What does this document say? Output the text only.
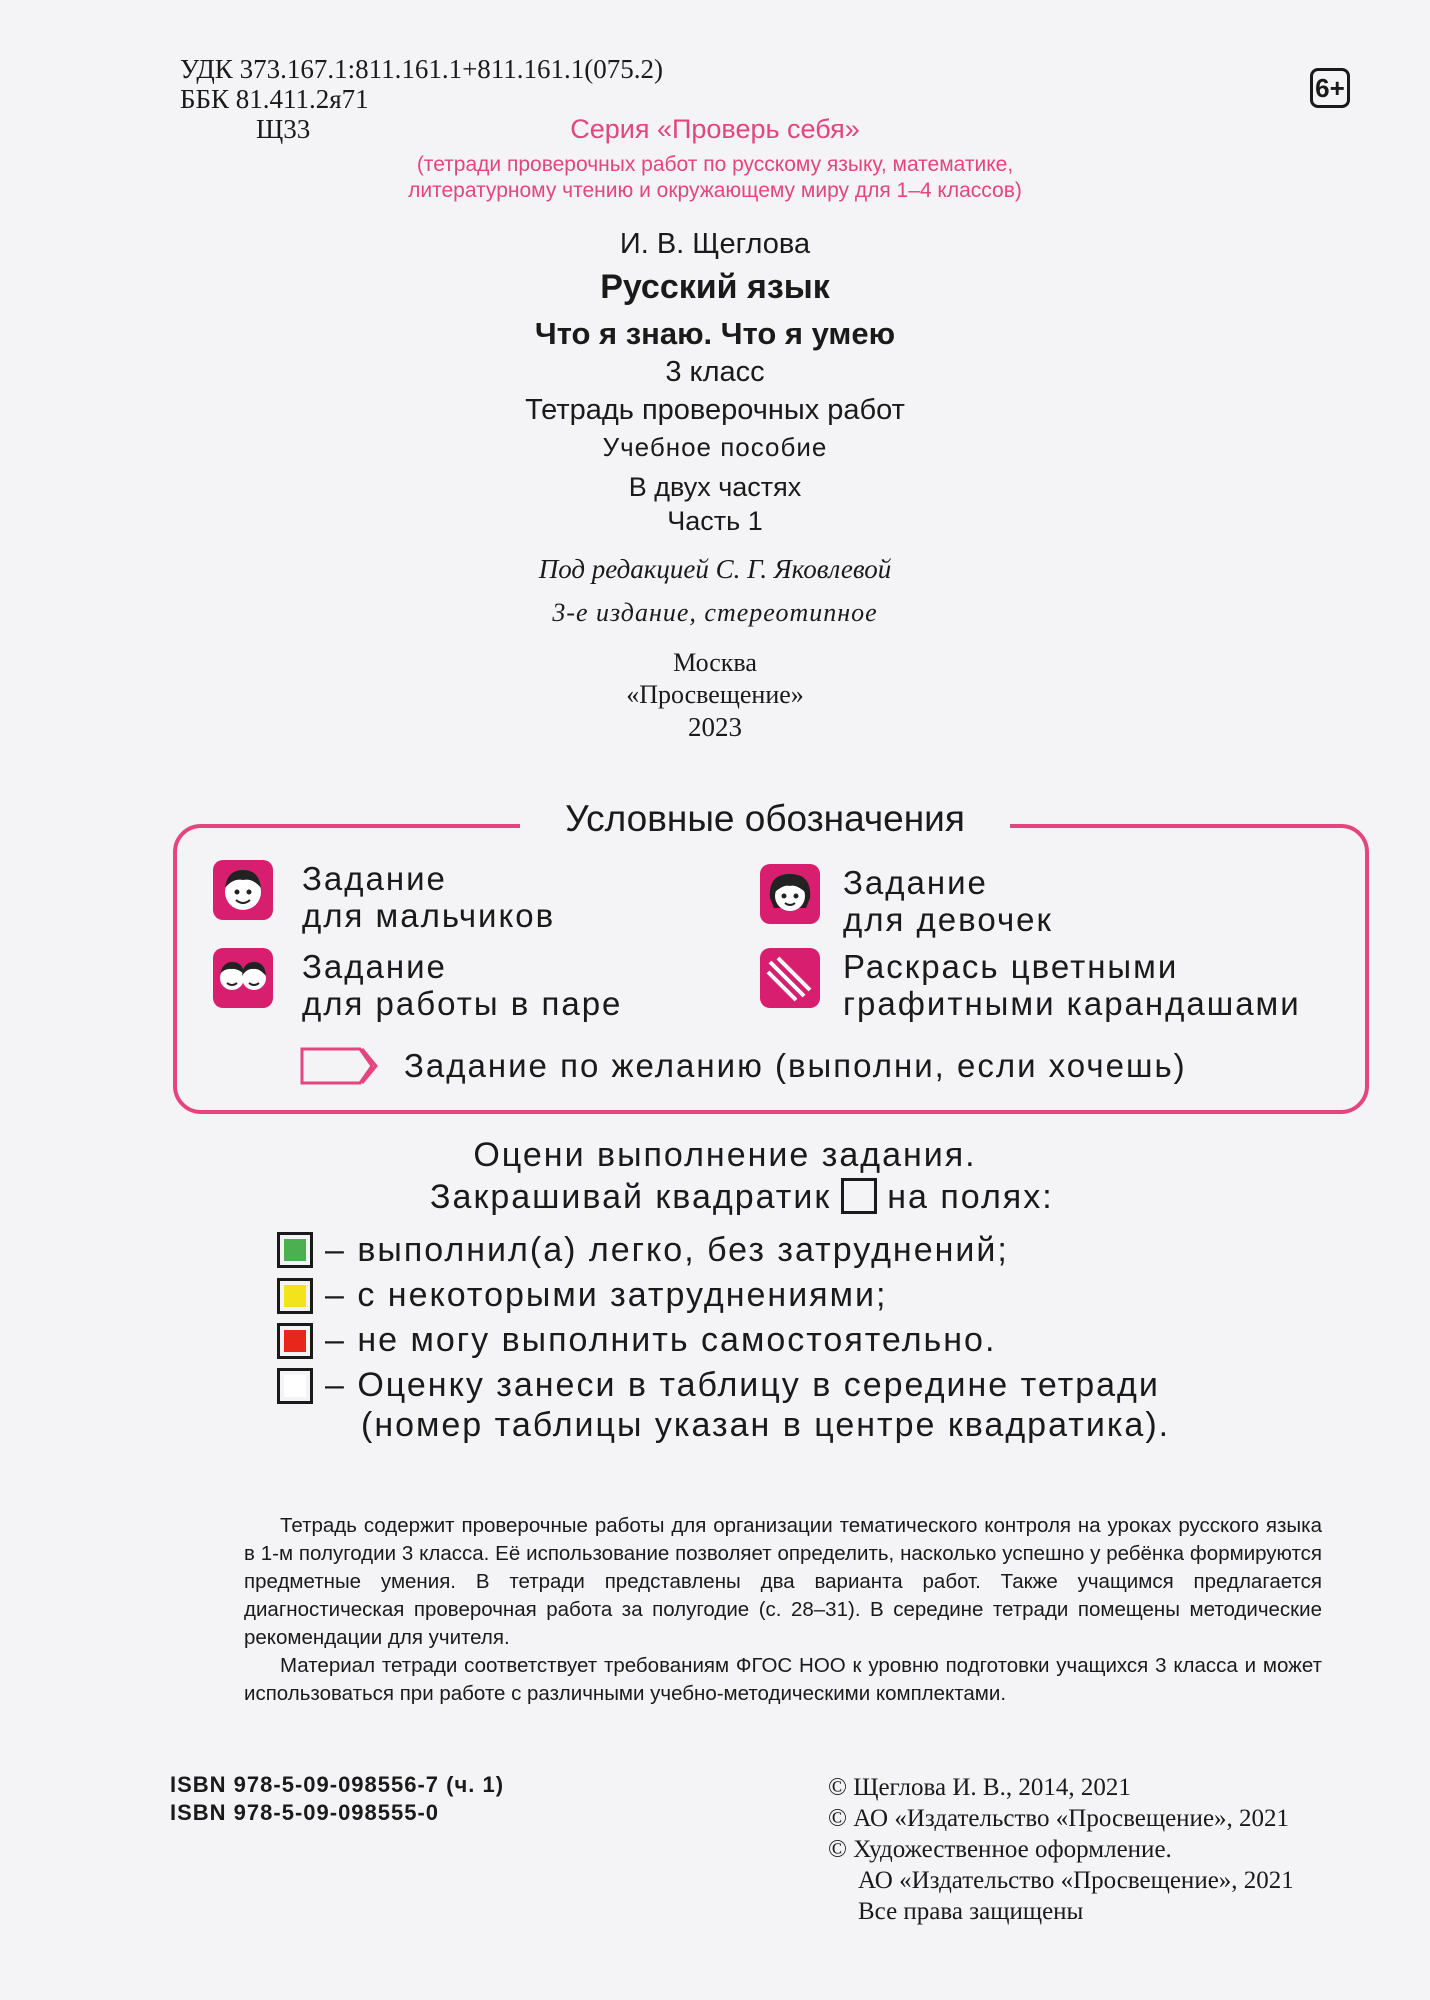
УДК 373.167.1:811.161.1+811.161.1(075.2)
ББК 81.411.2я71
Щ33
6+
Серия «Проверь себя»
(тетради проверочных работ по русскому языку, математике,
литературному чтению и окружающему миру для 1–4 классов)
И. В. Щеглова
Русский язык
Что я знаю. Что я умею
3 класс
Тетрадь проверочных работ
Учебное пособие
В двух частях
Часть 1
Под редакцией С. Г. Яковлевой
3-е издание, стереотипное
Москва
«Просвещение»
2023
Условные обозначения
Задание
для мальчиков
Задание
для девочек
Задание
для работы в паре
Раскрась цветными
графитными карандашами
Задание по желанию (выполни, если хочешь)
Оцени выполнение задания.
Закрашивай квадратик на полях:
– выполнил(а) легко, без затруднений;
– с некоторыми затруднениями;
– не могу выполнить самостоятельно.
– Оценку занеси в таблицу в середине тетради
(номер таблицы указан в центре квадратика).

Тетрадь содержит проверочные работы для организации тематического контроля на уроках русского языка в 1-м полугодии 3 класса. Её использование позволяет определить, насколько успешно у ребёнка формируются предметные умения. В тетради представлены два варианта работ. Также учащимся предлагается диагностическая проверочная работа за полугодие (с. 28–31). В середине тетради помещены методические рекомендации для учителя.

Материал тетради соответствует требованиям ФГОС НОО к уровню подготовки учащихся 3 класса и может использоваться при работе с различными учебно-методическими комплектами.

ISBN 978-5-09-098556-7 (ч. 1)
ISBN 978-5-09-098555-0
© Щеглова И. В., 2014, 2021
© АО «Издательство «Просвещение», 2021
© Художественное оформление.
АО «Издательство «Просвещение», 2021
Все права защищены
